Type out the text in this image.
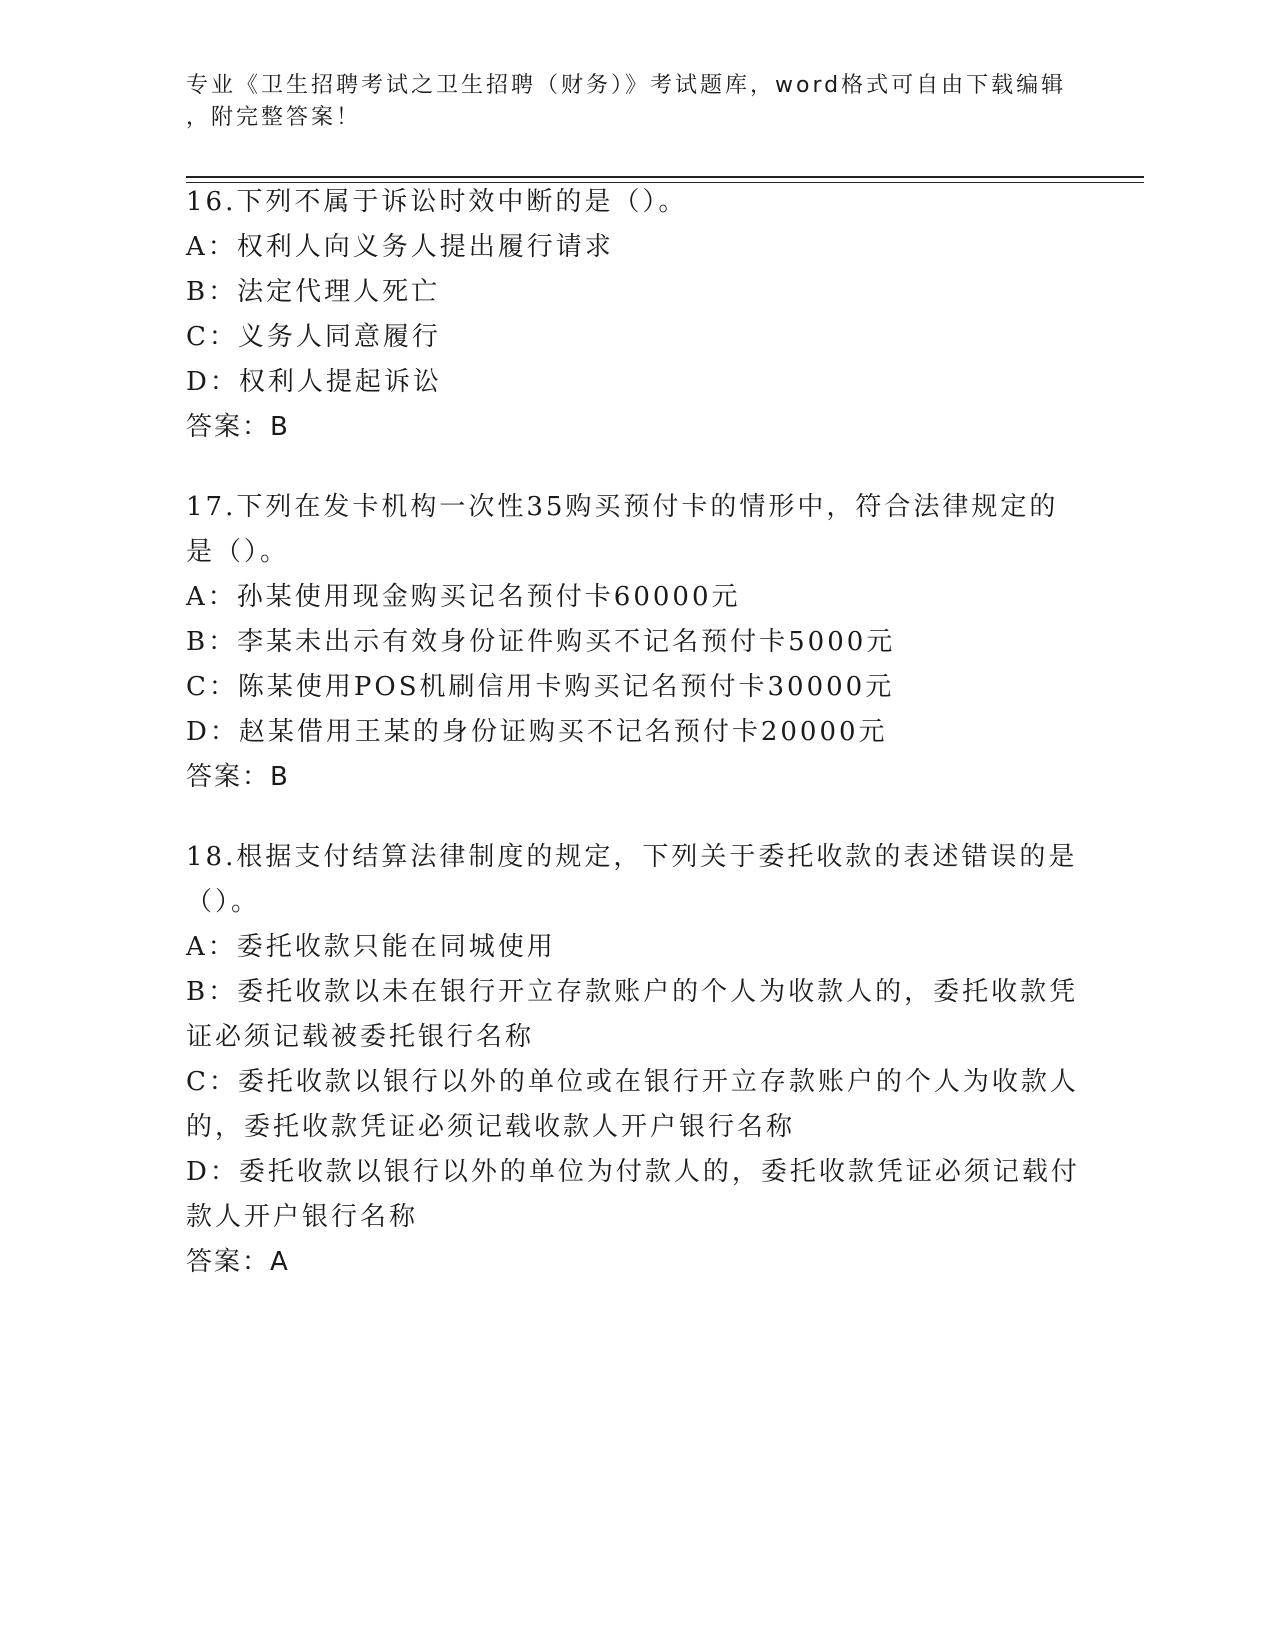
专业《卫生招聘考试之卫生招聘（财务）》考试题库，word格式可自由下载编辑
，附完整答案！
16.下列不属于诉讼时效中断的是（）。
A：权利人向义务人提出履行请求
B：法定代理人死亡
C：义务人同意履行
D：权利人提起诉讼
答案：B
17.下列在发卡机构一次性35购买预付卡的情形中，符合法律规定的
是（）。
A：孙某使用现金购买记名预付卡60000元
B：李某未出示有效身份证件购买不记名预付卡5000元
C：陈某使用POS机刷信用卡购买记名预付卡30000元
D：赵某借用王某的身份证购买不记名预付卡20000元
答案：B
18.根据支付结算法律制度的规定，下列关于委托收款的表述错误的是
（）。
A：委托收款只能在同城使用
B：委托收款以未在银行开立存款账户的个人为收款人的，委托收款凭
证必须记载被委托银行名称
C：委托收款以银行以外的单位或在银行开立存款账户的个人为收款人
的，委托收款凭证必须记载收款人开户银行名称
D：委托收款以银行以外的单位为付款人的，委托收款凭证必须记载付
款人开户银行名称
答案：A
